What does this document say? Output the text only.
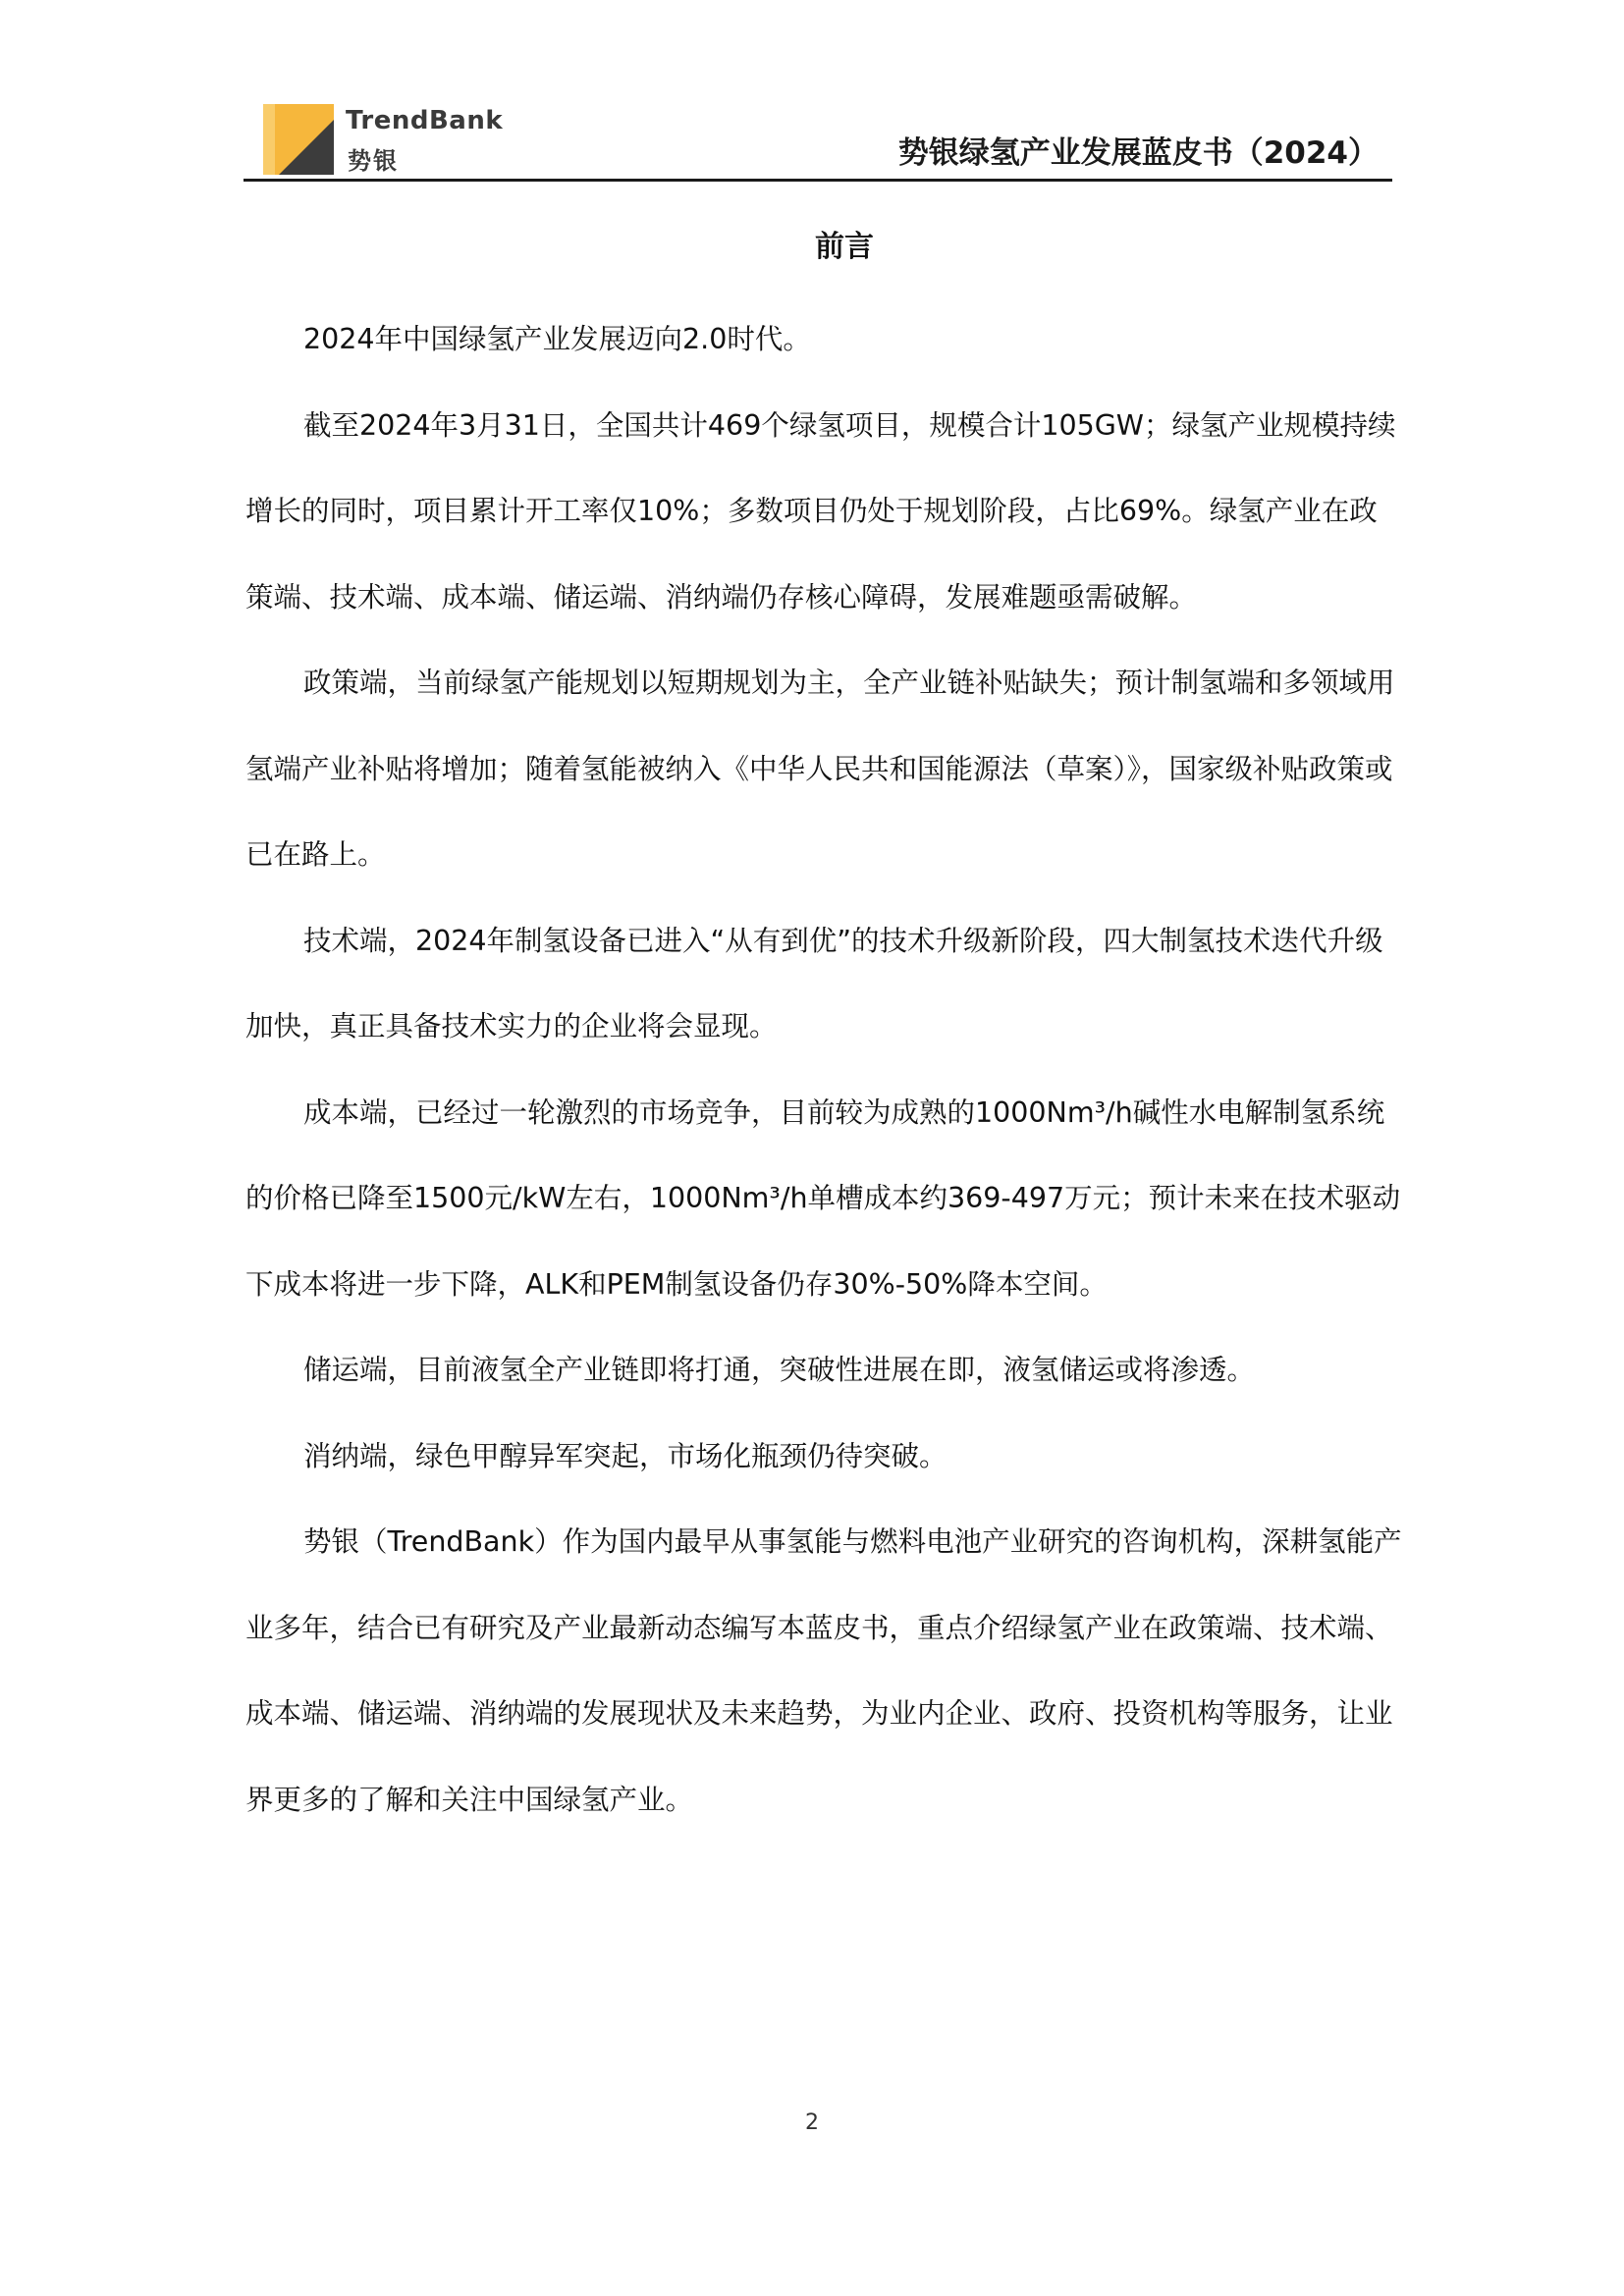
TrendBank
势银	势银绿氢产业发展蓝皮书（2024）
前言

2024年中国绿氢产业发展迈向2.0时代。

截至2024年3月31日，全国共计469个绿氢项目，规模合计105GW；绿氢产业规模持续增长的同时，项目累计开工率仅10%；多数项目仍处于规划阶段，占比69%。绿氢产业在政策端、技术端、成本端、储运端、消纳端仍存核心障碍，发展难题亟需破解。

政策端，当前绿氢产能规划以短期规划为主，全产业链补贴缺失；预计制氢端和多领域用氢端产业补贴将增加；随着氢能被纳入《中华人民共和国能源法（草案）》，国家级补贴政策或已在路上。

技术端，2024年制氢设备已进入“从有到优”的技术升级新阶段，四大制氢技术迭代升级加快，真正具备技术实力的企业将会显现。

成本端，已经过一轮激烈的市场竞争，目前较为成熟的1000Nm³/h碱性水电解制氢系统的价格已降至1500元/kW左右，1000Nm³/h单槽成本约369-497万元；预计未来在技术驱动下成本将进一步下降，ALK和PEM制氢设备仍存30%-50%降本空间。

储运端，目前液氢全产业链即将打通，突破性进展在即，液氢储运或将渗透。

消纳端，绿色甲醇异军突起，市场化瓶颈仍待突破。

势银（TrendBank）作为国内最早从事氢能与燃料电池产业研究的咨询机构，深耕氢能产业多年，结合已有研究及产业最新动态编写本蓝皮书，重点介绍绿氢产业在政策端、技术端、成本端、储运端、消纳端的发展现状及未来趋势，为业内企业、政府、投资机构等服务，让业界更多的了解和关注中国绿氢产业。

2
